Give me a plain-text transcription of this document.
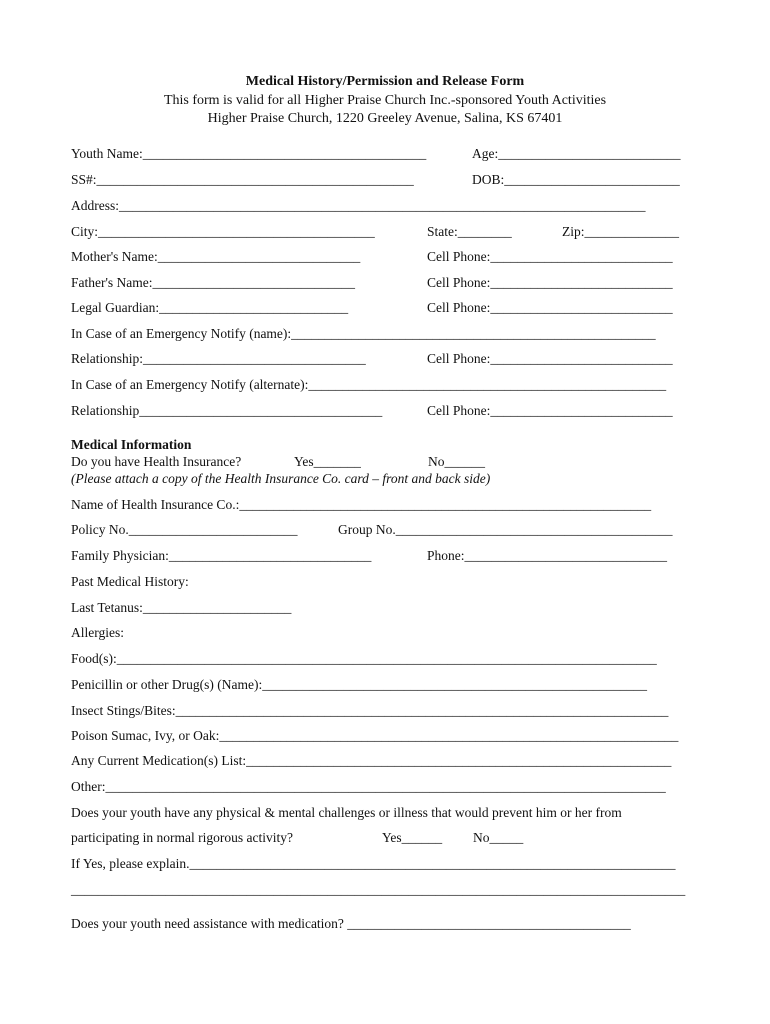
Medical History/Permission and Release Form
This form is valid for all Higher Praise Church Inc.-sponsored Youth Activities
Higher Praise Church, 1220 Greeley Avenue, Salina, KS 67401
Youth Name:__________________________________________	Age:___________________________
SS#:_______________________________________________	DOB:__________________________
Address:______________________________________________________________________________
City:_________________________________________	State:________	Zip:______________
Mother's Name:______________________________	Cell Phone:___________________________
Father's Name:______________________________	Cell Phone:___________________________
Legal Guardian:____________________________	Cell Phone:___________________________
In Case of an Emergency Notify (name):______________________________________________________
Relationship:_________________________________	Cell Phone:___________________________
In Case of an Emergency Notify (alternate):_____________________________________________________
Relationship____________________________________	Cell Phone:___________________________
Medical Information
Do you have Health Insurance?	Yes_______	No______
(Please attach a copy of the Health Insurance Co. card – front and back side)
Name of Health Insurance Co.:_____________________________________________________________
Policy No._________________________	Group No._________________________________________
Family Physician:______________________________	Phone:______________________________
Past Medical History:
Last Tetanus:______________________
Allergies:
Food(s):________________________________________________________________________________
Penicillin or other Drug(s) (Name):_________________________________________________________
Insect Stings/Bites:_________________________________________________________________________
Poison Sumac, Ivy, or Oak:____________________________________________________________________
Any Current Medication(s) List:_______________________________________________________________
Other:___________________________________________________________________________________
Does your youth have any physical & mental challenges or illness that would prevent him or her from
participating in normal rigorous activity?	Yes______ No_____
If Yes, please explain.________________________________________________________________________
___________________________________________________________________________________________
Does your youth need assistance with medication? __________________________________________
